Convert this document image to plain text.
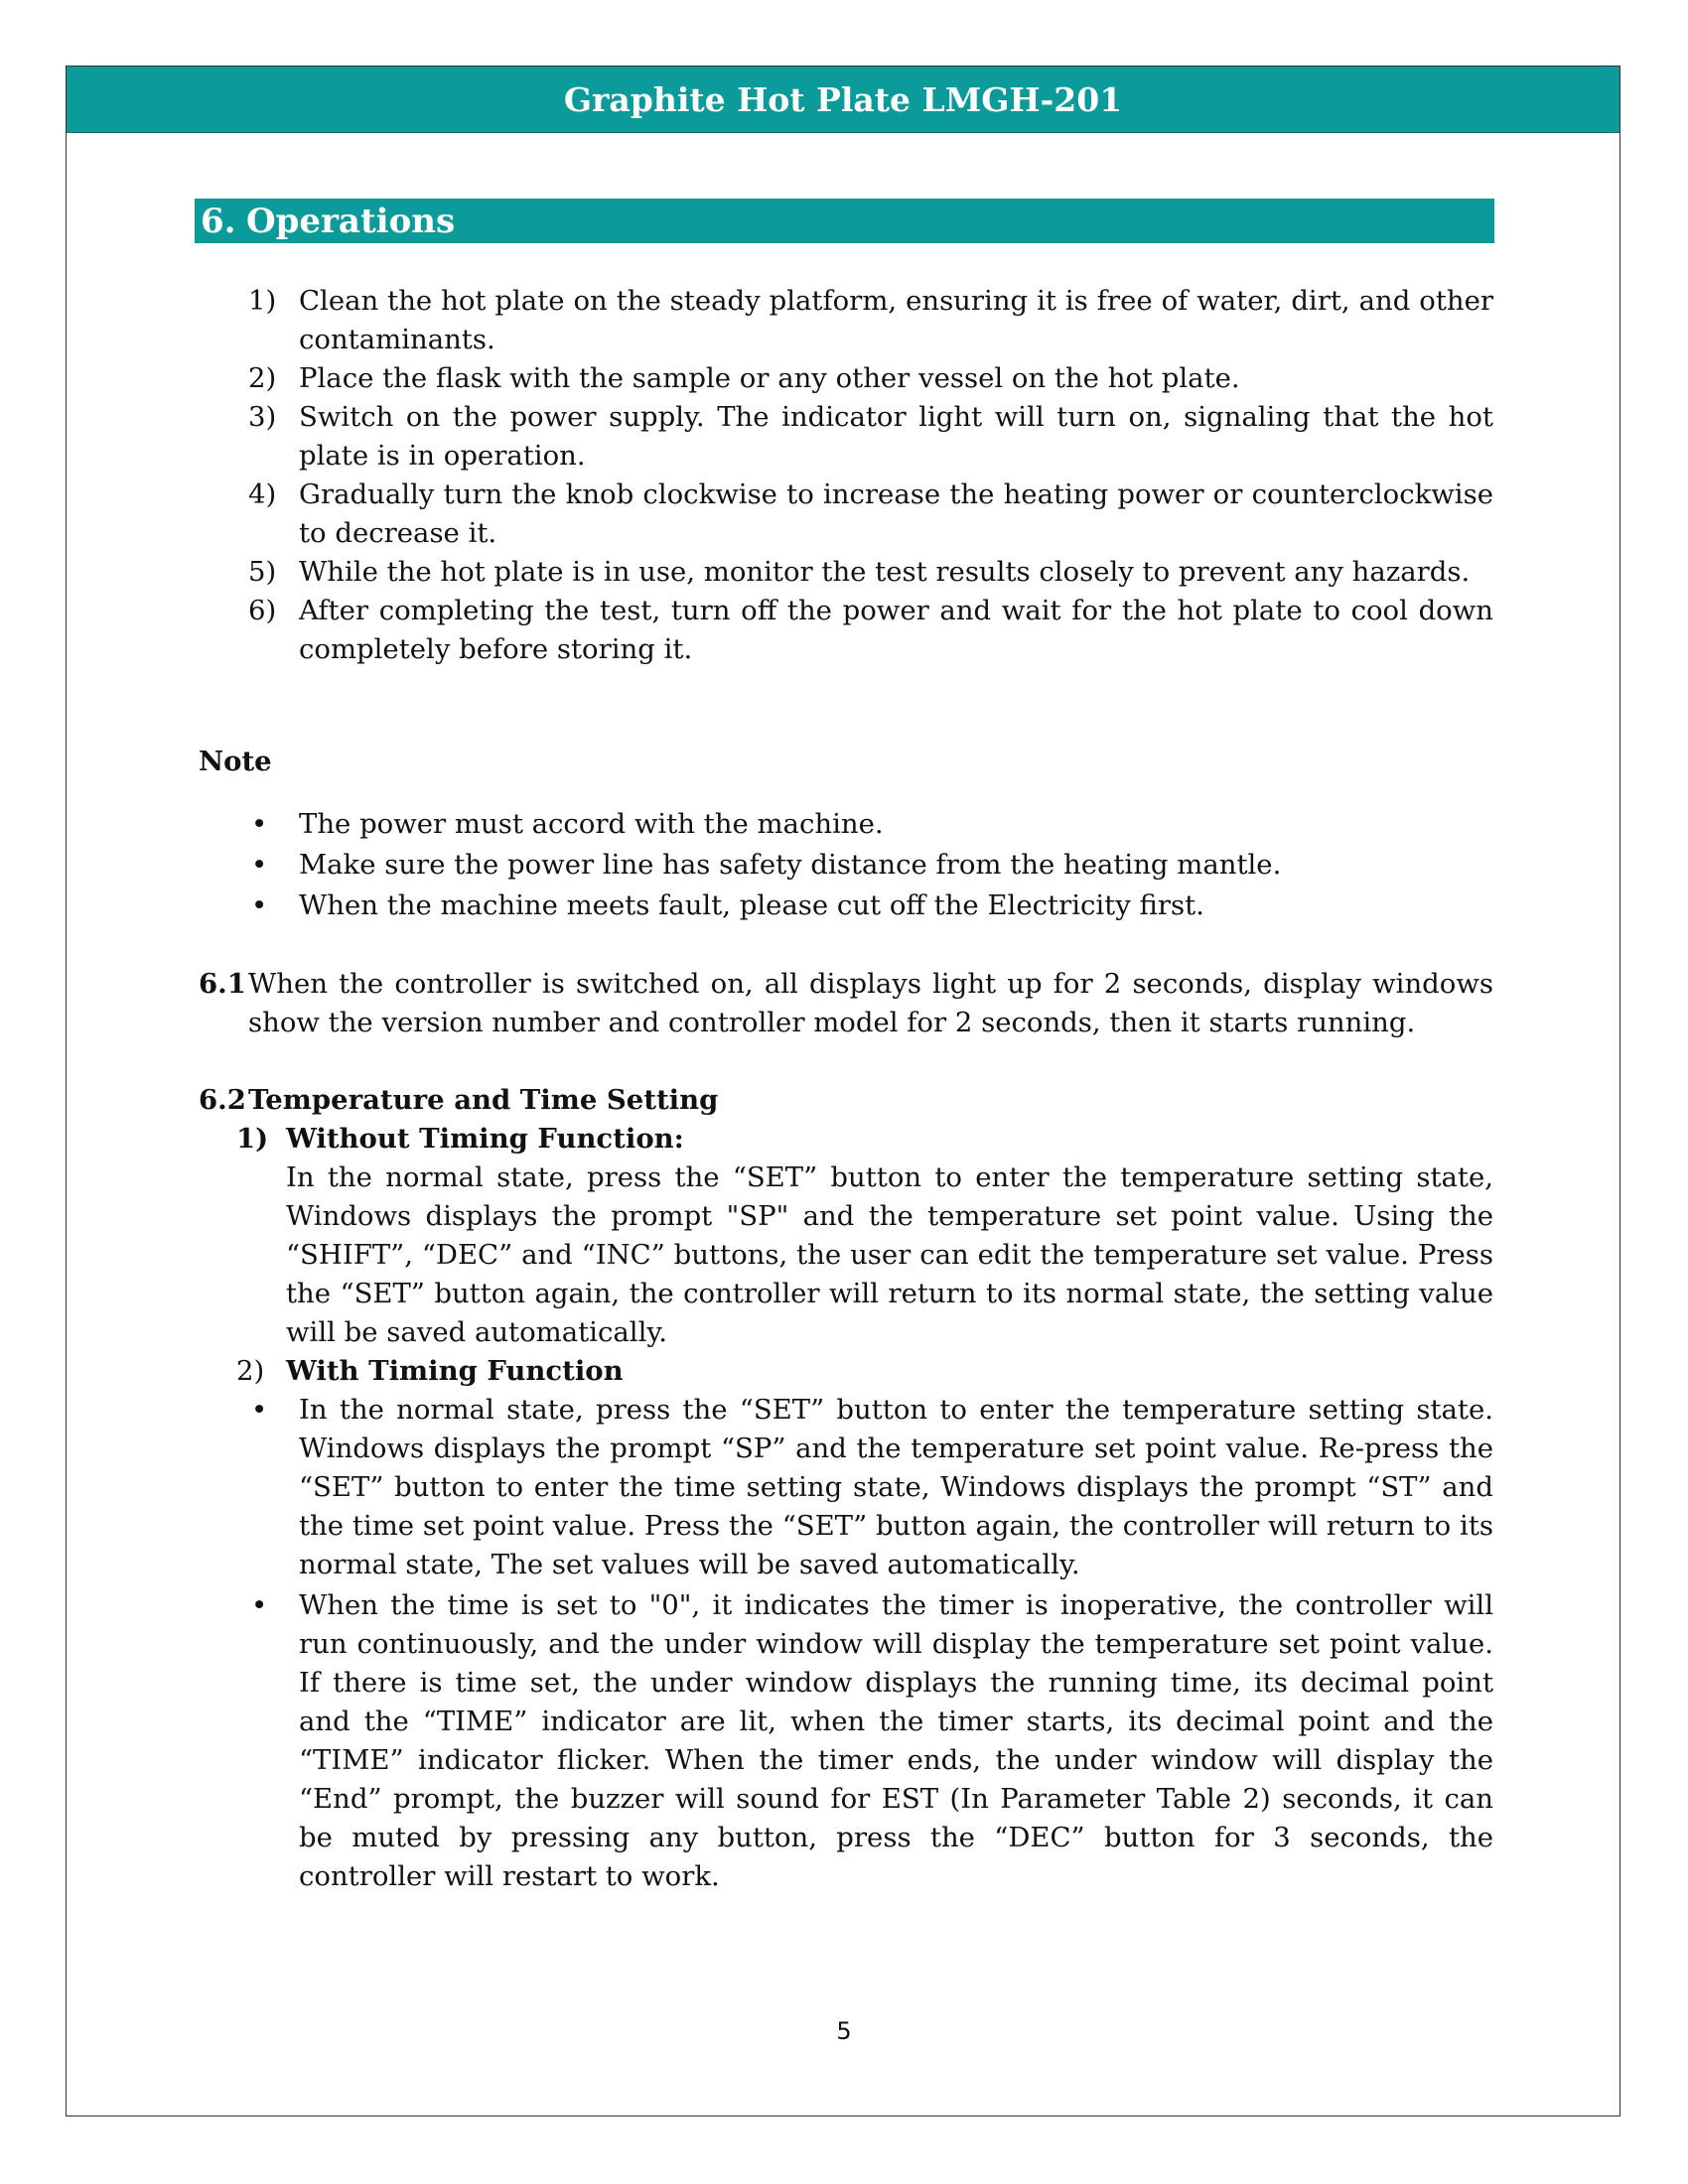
Graphite Hot Plate LMGH-201
6. Operations
1) Clean the hot plate on the steady platform, ensuring it is free of water, dirt, and other contaminants.
2) Place the flask with the sample or any other vessel on the hot plate.
3) Switch on the power supply. The indicator light will turn on, signaling that the hot plate is in operation.
4) Gradually turn the knob clockwise to increase the heating power or counterclockwise to decrease it.
5) While the hot plate is in use, monitor the test results closely to prevent any hazards.
6) After completing the test, turn off the power and wait for the hot plate to cool down completely before storing it.
Note
• The power must accord with the machine.
• Make sure the power line has safety distance from the heating mantle.
• When the machine meets fault, please cut off the Electricity first.
6.1 When the controller is switched on, all displays light up for 2 seconds, display windows show the version number and controller model for 2 seconds, then it starts running.
6.2 Temperature and Time Setting
1) Without Timing Function:
In the normal state, press the “SET” button to enter the temperature setting state, Windows displays the prompt "SP" and the temperature set point value. Using the “SHIFT”, “DEC” and “INC” buttons, the user can edit the temperature set value. Press the “SET” button again, the controller will return to its normal state, the setting value will be saved automatically.
2) With Timing Function
• In the normal state, press the “SET” button to enter the temperature setting state. Windows displays the prompt “SP” and the temperature set point value. Re-press the “SET” button to enter the time setting state, Windows displays the prompt “ST” and the time set point value. Press the “SET” button again, the controller will return to its normal state, The set values will be saved automatically.
• When the time is set to "0", it indicates the timer is inoperative, the controller will run continuously, and the under window will display the temperature set point value. If there is time set, the under window displays the running time, its decimal point and the “TIME” indicator are lit, when the timer starts, its decimal point and the “TIME” indicator flicker. When the timer ends, the under window will display the “End” prompt, the buzzer will sound for EST (In Parameter Table 2) seconds, it can be muted by pressing any button, press the “DEC” button for 3 seconds, the controller will restart to work.
5
